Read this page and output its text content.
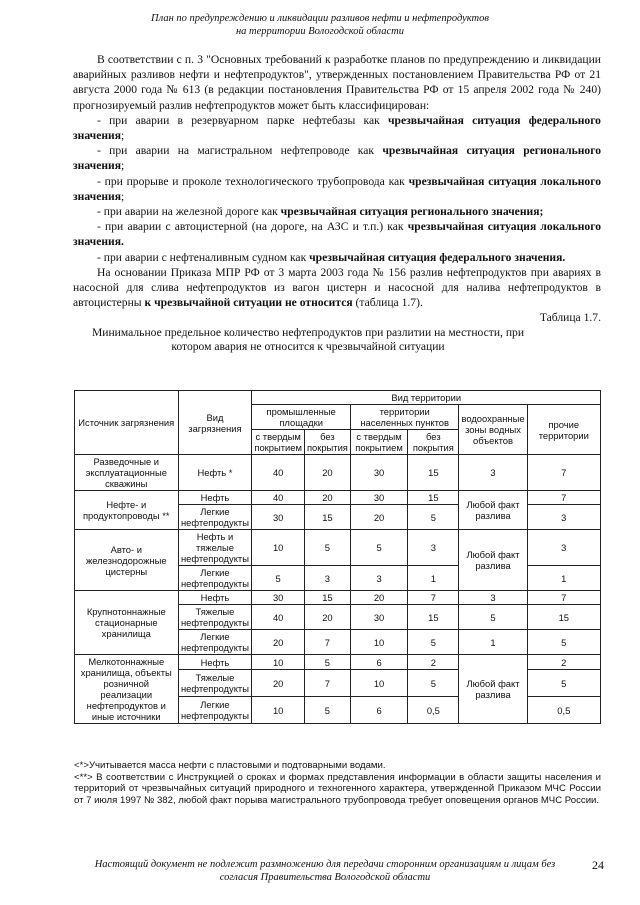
План по предупреждению и ликвидации разливов нефти и нефтепродуктов
на территории Вологодской области

В соответствии с п. 3 "Основных требований к разработке планов по предупреждению и ликвидации аварийных разливов нефти и нефтепродуктов", утвержденных постановлением Правительства РФ от 21 августа 2000 года № 613 (в редакции постановления Правительства РФ от 15 апреля 2002 года № 240) прогнозируемый разлив нефтепродуктов может быть классифицирован:

- при аварии в резервуарном парке нефтебазы как чрезвычайная ситуация федерального значения;

- при аварии на магистральном нефтепроводе как чрезвычайная ситуация регионального значения;

- при прорыве и проколе технологического трубопровода как чрезвычайная ситуация локального значения;

- при аварии на железной дороге как чрезвычайная ситуация регионального значения;

- при аварии с автоцистерной (на дороге, на АЗС и т.п.) как чрезвычайная ситуация локального значения.

- при аварии с нефтеналивным судном как чрезвычайная ситуация федерального значения.

На основании Приказа МПР РФ от 3 марта 2003 года № 156 разлив нефтепродуктов при авариях в насосной для слива нефтепродуктов из вагон цистерн и насосной для налива нефтепродуктов в автоцистерны к чрезвычайной ситуации не относится (таблица 1.7).

Таблица 1.7.

Минимальное предельное количество нефтепродуктов при разлитии на местности, при котором авария не относится к чрезвычайной ситуации

Источник загрязнения	Вид загрязнения	Вид территории					
		промышленные площадки		территории населенных пунктов		водоохранные зоны водных объектов	прочие территории
		с твердым покрытием	без покрытия	с твердым покрытием	без покрытия		
Разведочные и эксплуатационные скважины	Нефть *	40	20	30	15	3	7
Нефте- и продуктопроводы **	Нефть	40	20	30	15	Любой факт разлива	7
	Легкие нефтепродукты	30	15	20	5		3
Авто- и железнодорожные цистерны	Нефть и тяжелые нефтепродукты	10	5	5	3	Любой факт разлива	3
	Легкие нефтепродукты	5	3	3	1		1
Крупнотоннажные стационарные хранилища	Нефть	30	15	20	7	3	7
	Тяжелые нефтепродукты	40	20	30	15	5	15
	Легкие нефтепродукты	20	7	10	5	1	5
Мелкотоннажные хранилища, объекты розничной реализации нефтепродуктов и иные источники	Нефть	10	5	6	2	Любой факт разлива	2
	Тяжелые нефтепродукты	20	7	10	5		5
	Легкие нефтепродукты	10	5	6	0,5		0,5

<*>Учитывается масса нефти с пластовыми и подтоварными водами.

<**> В соответствии с Инструкцией о сроках и формах представления информации в области защиты населения и территорий от чрезвычайных ситуаций природного и техногенного характера, утвержденной Приказом МЧС России от 7 июля 1997 № 382, любой факт порыва магистрального трубопровода требует оповещения органов МЧС России.

Настоящий документ не подлежит размножению для передачи сторонним организациям и лицам без согласия Правительства Вологодской области
24
